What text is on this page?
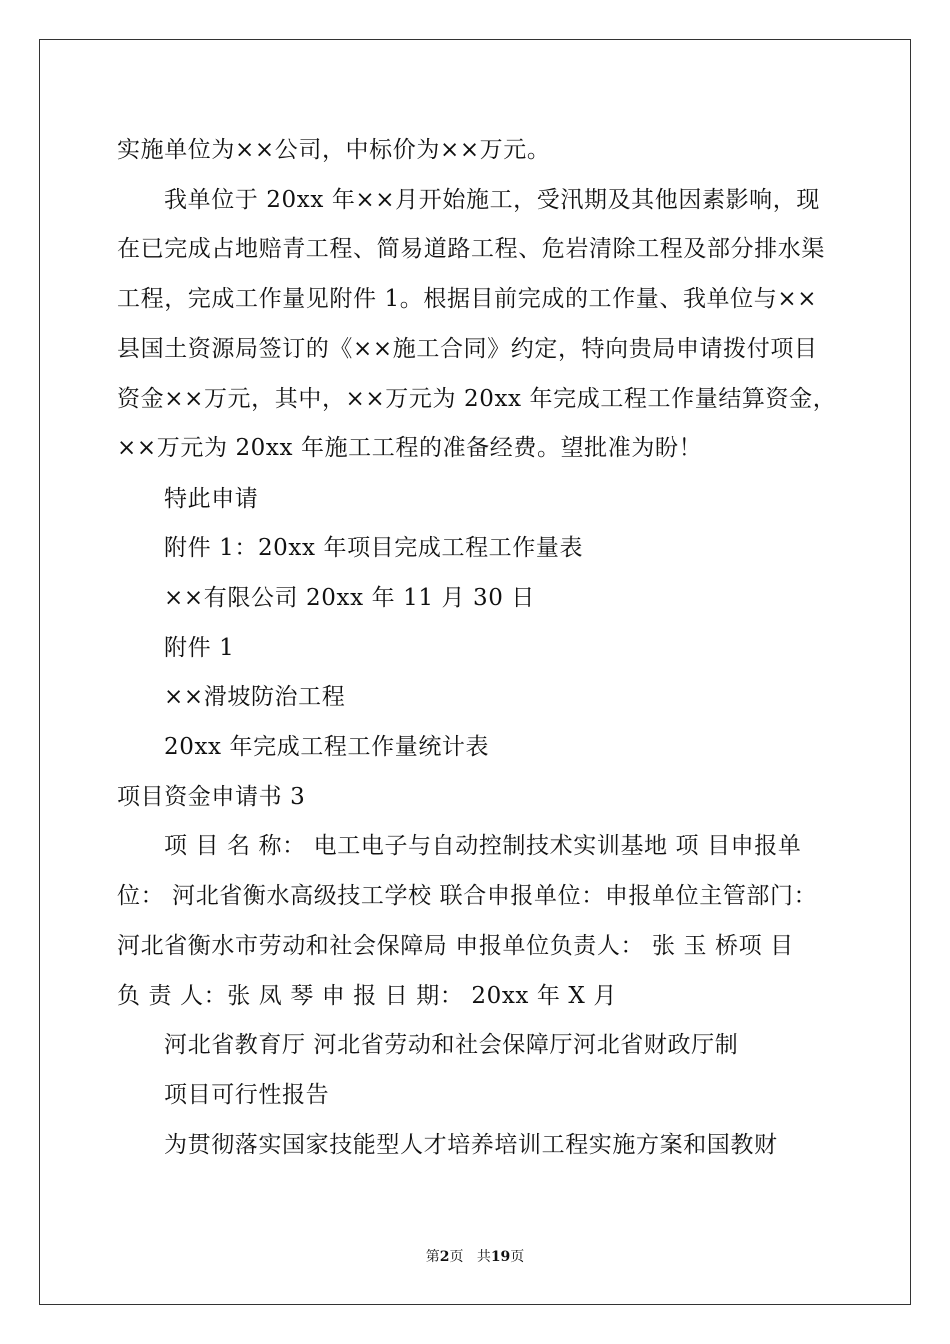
实施单位为××公司，中标价为××万元。
我单位于 20xx 年××月开始施工，受汛期及其他因素影响，现
在已完成占地赔青工程、简易道路工程、危岩清除工程及部分排水渠
工程，完成工作量见附件 1。根据目前完成的工作量、我单位与××
县国土资源局签订的《××施工合同》约定，特向贵局申请拨付项目
资金××万元，其中，××万元为 20xx 年完成工程工作量结算资金，
××万元为 20xx 年施工工程的准备经费。望批准为盼！
特此申请
附件 1：20xx 年项目完成工程工作量表
××有限公司 20xx 年 11 月 30 日
附件 1
××滑坡防治工程
20xx 年完成工程工作量统计表
项目资金申请书 3
项 目 名 称： 电工电子与自动控制技术实训基地 项 目申报单
位： 河北省衡水高级技工学校 联合申报单位：申报单位主管部门：
河北省衡水市劳动和社会保障局 申报单位负责人： 张 玉 桥项 目
负 责 人：张 凤 琴 申 报 日 期： 20xx 年 X 月
河北省教育厅 河北省劳动和社会保障厅河北省财政厅制
项目可行性报告
为贯彻落实国家技能型人才培养培训工程实施方案和国教财
第2页 共19页
